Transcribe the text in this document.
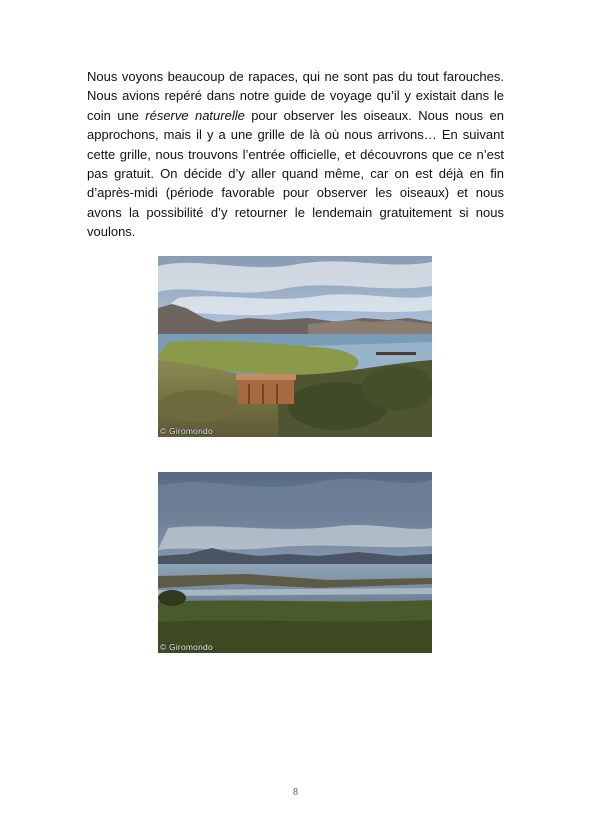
Nous voyons beaucoup de rapaces, qui ne sont pas du tout farouches. Nous avions repéré dans notre guide de voyage qu’il y existait dans le coin une réserve naturelle pour observer les oiseaux. Nous nous en approchons, mais il y a une grille de là où nous arrivons… En suivant cette grille, nous trouvons l’entrée officielle, et découvrons que ce n’est pas gratuit. On décide d’y aller quand même, car on est déjà en fin d’après-midi (période favorable pour observer les oiseaux) et nous avons la possibilité d’y retourner le lendemain gratuitement si nous voulons.

© Giromondo
© Giromondo
8
